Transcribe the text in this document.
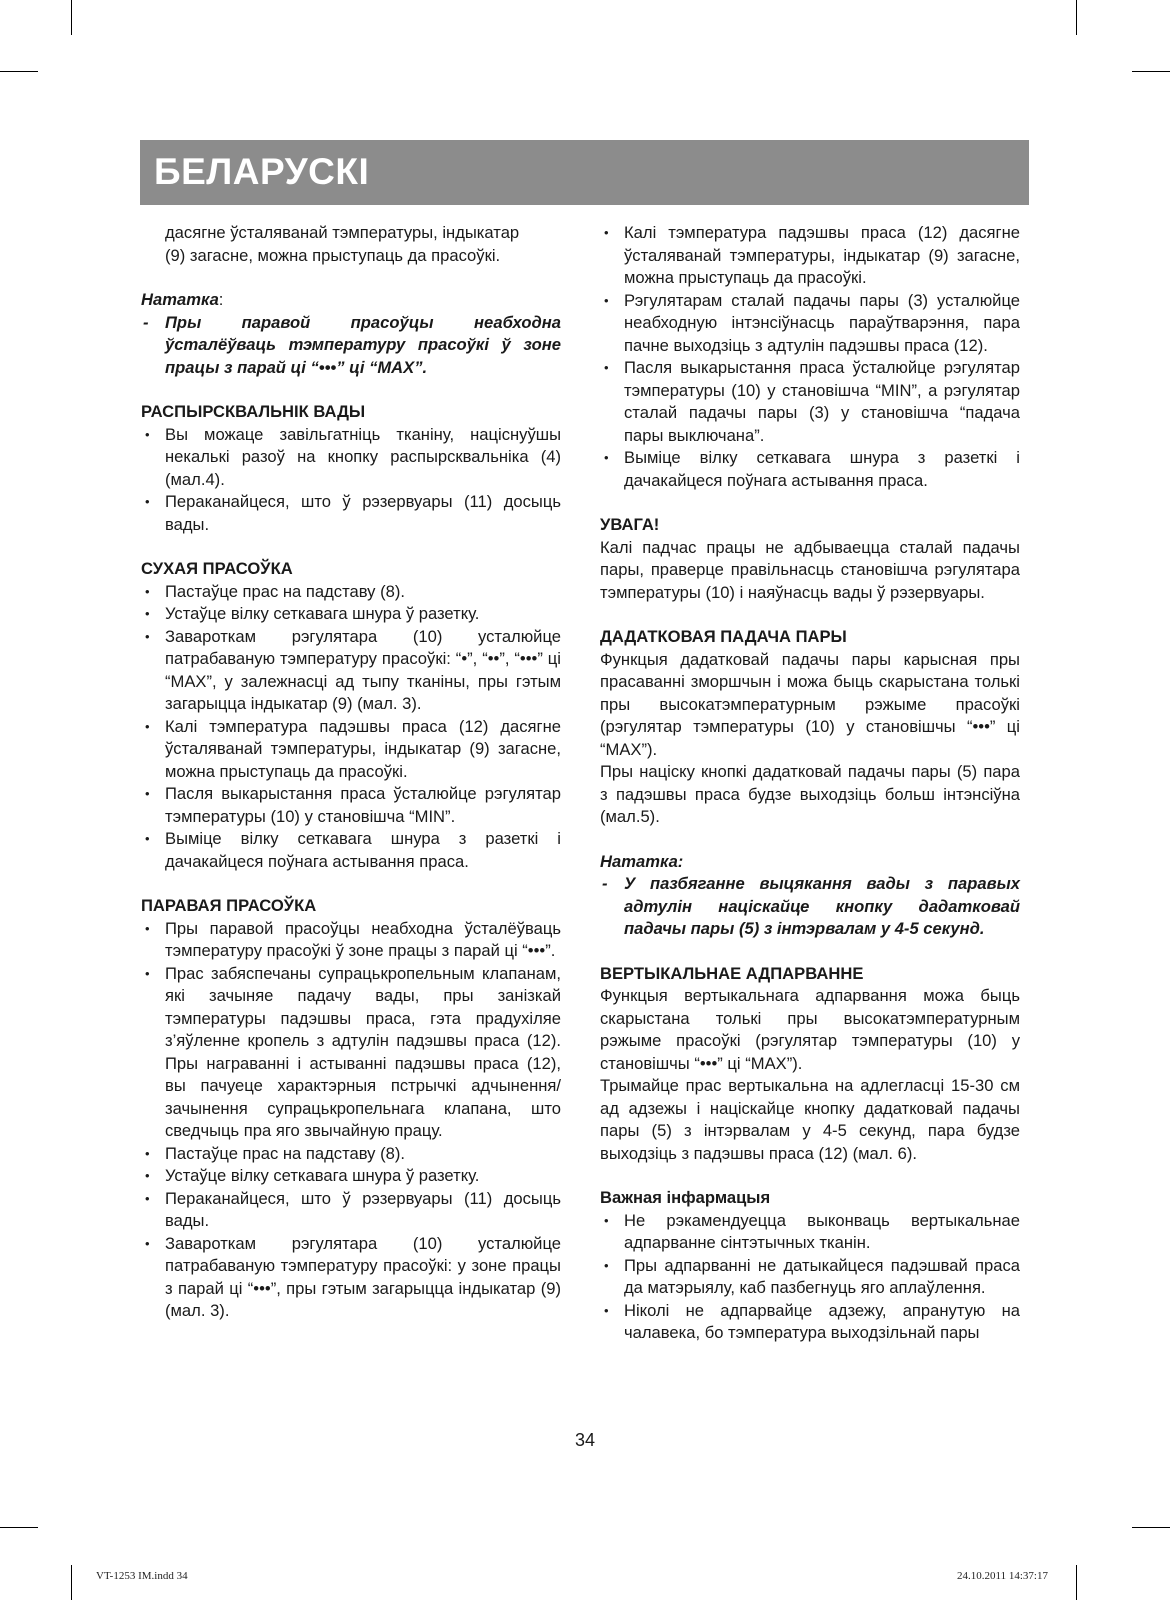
БЕЛАРУСКІ

дасягне ўсталяванай тэмпературы, індыкатар

(9) загасне, можна прыступаць да прасоўкі.

Нататка:

- Пры паравой прасоўцы неабходна ўсталёўваць тэмпературу прасоўкі ў зоне працы з парай ці “•••” ці “MAX”.
РАСПЫРСКВАЛЬНІК ВАДЫ
• Вы можаце завільгатніць тканіну, націснуўшы некалькі разоў на кнопку распырсквальніка (4) (мал.4).
• Пераканайцеся, што ў рэзервуары (11) досыць вады.
СУХАЯ ПРАСОЎКА
• Пастаўце прас на падставу (8).
• Устаўце вілку сеткавага шнура ў разетку.
• Завароткам рэгулятара (10) усталюйце патрабаваную тэмпературу прасоўкі: “•”, “••”, “•••” ці “MAX”, у залежнасці ад тыпу тканіны, пры гэтым загарыцца індыкатар (9) (мал. 3).
• Калі тэмпература падэшвы праса (12) дасягне ўсталяванай тэмпературы, індыкатар (9) загасне, можна прыступаць да прасоўкі.
• Пасля выкарыстання праса ўсталюйце рэгулятар тэмпературы (10) у становішча “MIN”.
• Выміце вілку сеткавага шнура з разеткі і дачакайцеся поўнага астывання праса.
ПАРАВАЯ ПРАСОЎКА
• Пры паравой прасоўцы неабходна ўсталёўваць тэмпературу прасоўкі ў зоне працы з парай ці “•••”.
• Прас забяспечаны супрацькропельным клапанам, які зачыняе падачу вады, пры занізкай тэмпературы падэшвы праса, гэта прадухіляе з’яўленне кропель з адтулін падэшвы праса (12). Пры награванні і астыванні падэшвы праса (12), вы пачуеце характэрныя пстрычкі адчынення/зачынення супрацькропельнага клапана, што сведчыць пра яго звычайную працу.
• Пастаўце прас на падставу (8).
• Устаўце вілку сеткавага шнура ў разетку.
• Пераканайцеся, што ў рэзервуары (11) досыць вады.
• Завароткам рэгулятара (10) усталюйце патрабаваную тэмпературу прасоўкі: у зоне працы з парай ці “•••”, пры гэтым загарыцца індыкатар (9) (мал. 3).
• Калі тэмпература падэшвы праса (12) дасягне ўсталяванай тэмпературы, індыкатар (9) загасне, можна прыступаць да прасоўкі.
• Рэгулятарам сталай падачы пары (3) усталюйце неабходную інтэнсіўнасць параўтварэння, пара пачне выходзіць з адтулін падэшвы праса (12).
• Пасля выкарыстання праса ўсталюйце рэгулятар тэмпературы (10) у становішча “MIN”, а рэгулятар сталай падачы пары (3) у становішча “падача пары выключана”.
• Выміце вілку сеткавага шнура з разеткі і дачакайцеся поўнага астывання праса.
УВАГА!

Калі падчас працы не адбываецца сталай падачы пары, праверце правільнасць становішча рэгулятара тэмпературы (10) і наяўнасць вады ў рэзервуары.

ДАДАТКОВАЯ ПАДАЧА ПАРЫ

Функцыя дадатковай падачы пары карысная пры прасаванні зморшчын і можа быць скарыстана толькі пры высокатэмпературным рэжыме прасоўкі (рэгулятар тэмпературы (10) у становішчы “•••” ці “MAX”).

Пры націску кнопкі дадатковай падачы пары (5) пара з падэшвы праса будзе выходзіць больш інтэнсіўна (мал.5).

Нататка:

- У пазбяганне выцякання вады з паравых адтулін націскайце кнопку дадатковай падачы пары (5) з інтэрвалам у 4-5 секунд.
ВЕРТЫКАЛЬНАЕ АДПАРВАННЕ

Функцыя вертыкальнага адпарвання можа быць скарыстана толькі пры высокатэмпературным рэжыме прасоўкі (рэгулятар тэмпературы (10) у становішчы “•••” ці “MAX”).

Трымайце прас вертыкальна на адлегласці 15-30 см ад адзежы і націскайце кнопку дадатковай падачы пары (5) з інтэрвалам у 4-5 секунд, пара будзе выходзіць з падэшвы праса (12) (мал. 6).

Важная інфармацыя
• Не рэкамендуецца выконваць вертыкальнае адпарванне сінтэтычных тканін.
• Пры адпарванні не датыкайцеся падэшвай праса да матэрыялу, каб пазбегнуць яго аплаўлення.
• Ніколі не адпарвайце адзежу, апранутую на чалавека, бо тэмпература выходзільнай пары
34
VT-1253 IM.indd 34	24.10.2011 14:37:17
